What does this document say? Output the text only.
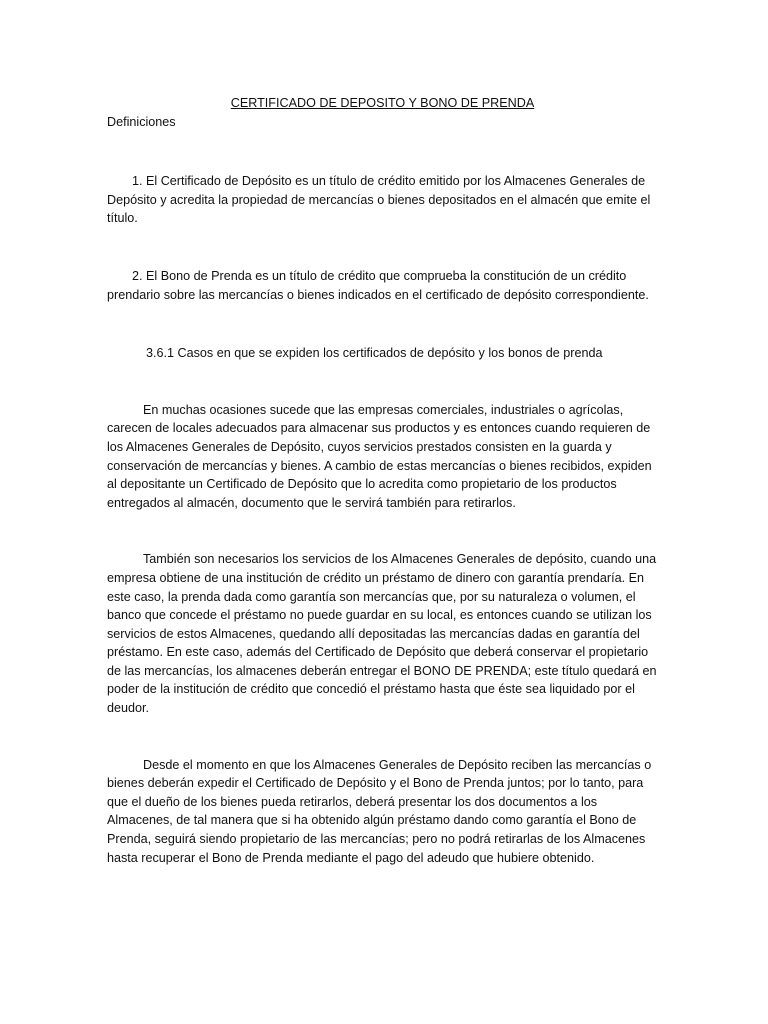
CERTIFICADO DE DEPOSITO Y BONO DE PRENDA

Definiciones

1. El Certificado de Depósito es un título de crédito emitido por los Almacenes Generales de Depósito y acredita la propiedad de mercancías o bienes depositados en el almacén que emite el título.

2. El Bono de Prenda es un título de crédito que comprueba la constitución de un crédito prendario sobre las mercancías o bienes indicados en el certificado de depósito correspondiente.

3.6.1 Casos en que se expiden los certificados de depósito y los bonos de prenda

En muchas ocasiones sucede que las empresas comerciales, industriales o agrícolas, carecen de locales adecuados para almacenar sus productos y es entonces cuando requieren de los Almacenes Generales de Depósito, cuyos servicios prestados consisten en la guarda y conservación de mercancías y bienes. A cambio de estas mercancías o bienes recibidos, expiden al depositante un Certificado de Depósito que lo acredita como propietario de los productos entregados al almacén, documento que le servirá también para retirarlos.

También son necesarios los servicios de los Almacenes Generales de depósito, cuando una empresa obtiene de una institución de crédito un préstamo de dinero con garantía prendaría. En este caso, la prenda dada como garantía son mercancías que, por su naturaleza o volumen, el banco que concede el préstamo no puede guardar en su local, es entonces cuando se utilizan los servicios de estos Almacenes, quedando allí depositadas las mercancías dadas en garantía del préstamo. En este caso, además del Certificado de Depósito que deberá conservar el propietario de las mercancías, los almacenes deberán entregar el BONO DE PRENDA; este título quedará en poder de la institución de crédito que concedió el préstamo hasta que éste sea liquidado por el deudor.

Desde el momento en que los Almacenes Generales de Depósito reciben las mercancías o bienes deberán expedir el Certificado de Depósito y el Bono de Prenda juntos; por lo tanto, para que el dueño de los bienes pueda retirarlos, deberá presentar los dos documentos a los Almacenes, de tal manera que si ha obtenido algún préstamo dando como garantía el Bono de Prenda, seguirá siendo propietario de las mercancías; pero no podrá retirarlas de los Almacenes hasta recuperar el Bono de Prenda mediante el pago del adeudo que hubiere obtenido.
